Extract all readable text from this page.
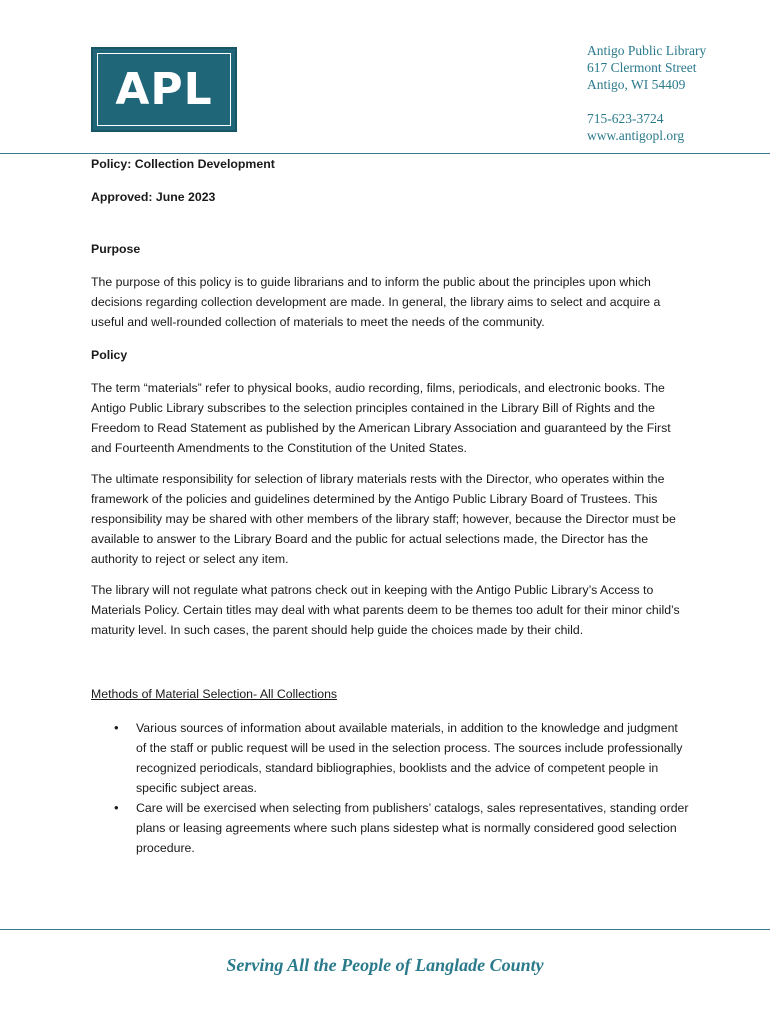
APL
Antigo Public Library
617 Clermont Street
Antigo, WI 54409
715-623-3724
www.antigopl.org

Policy: Collection Development

Approved: June 2023

Purpose

The purpose of this policy is to guide librarians and to inform the public about the principles upon which decisions regarding collection development are made. In general, the library aims to select and acquire a useful and well-rounded collection of materials to meet the needs of the community.

Policy

The term “materials” refer to physical books, audio recording, films, periodicals, and electronic books. The Antigo Public Library subscribes to the selection principles contained in the Library Bill of Rights and the Freedom to Read Statement as published by the American Library Association and guaranteed by the First and Fourteenth Amendments to the Constitution of the United States.

The ultimate responsibility for selection of library materials rests with the Director, who operates within the framework of the policies and guidelines determined by the Antigo Public Library Board of Trustees. This responsibility may be shared with other members of the library staff; however, because the Director must be available to answer to the Library Board and the public for actual selections made, the Director has the authority to reject or select any item.

The library will not regulate what patrons check out in keeping with the Antigo Public Library’s Access to Materials Policy. Certain titles may deal with what parents deem to be themes too adult for their minor child’s maturity level. In such cases, the parent should help guide the choices made by their child.

Methods of Material Selection- All Collections

• Various sources of information about available materials, in addition to the knowledge and judgment of the staff or public request will be used in the selection process. The sources include professionally recognized periodicals, standard bibliographies, booklists and the advice of competent people in specific subject areas.
• Care will be exercised when selecting from publishers’ catalogs, sales representatives, standing order plans or leasing agreements where such plans sidestep what is normally considered good selection procedure.
Serving All the People of Langlade County
